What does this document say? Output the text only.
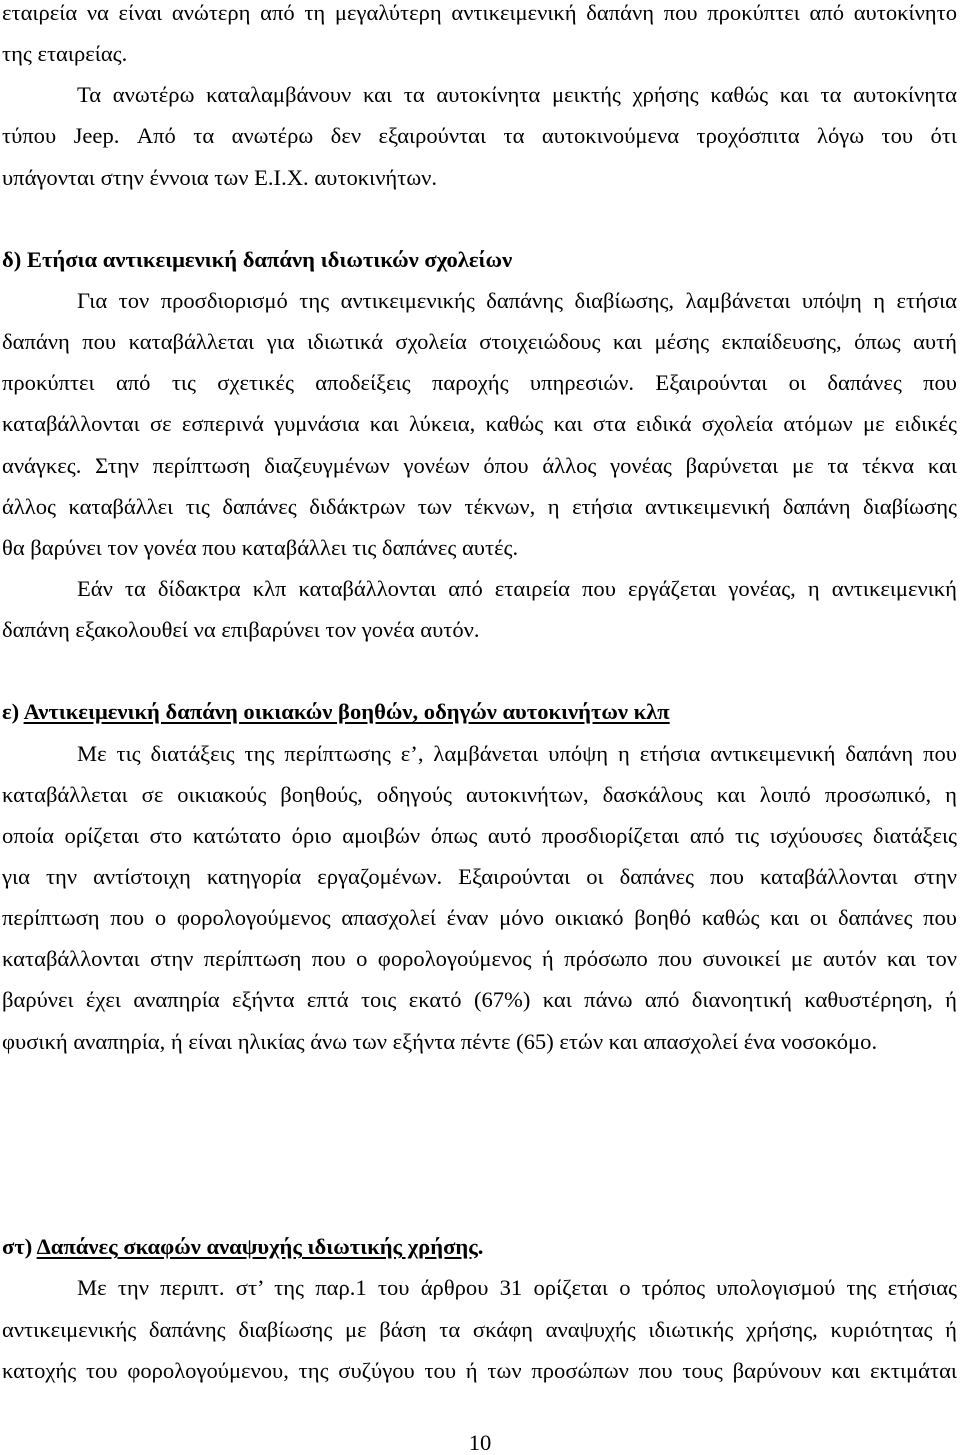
εταιρεία να είναι ανώτερη από τη μεγαλύτερη αντικειμενική δαπάνη που προκύπτει από αυτοκίνητο
της εταιρείας.
Τα ανωτέρω καταλαμβάνουν και τα αυτοκίνητα μεικτής χρήσης καθώς και τα αυτοκίνητα
τύπου Jeep. Από τα ανωτέρω δεν εξαιρούνται τα αυτοκινούμενα τροχόσπιτα λόγω του ότι
υπάγονται στην έννοια των Ε.Ι.Χ. αυτοκινήτων.
δ) Ετήσια αντικειμενική δαπάνη ιδιωτικών σχολείων
Για τον προσδιορισμό της αντικειμενικής δαπάνης διαβίωσης, λαμβάνεται υπόψη η ετήσια
δαπάνη που καταβάλλεται για ιδιωτικά σχολεία στοιχειώδους και μέσης εκπαίδευσης, όπως αυτή
προκύπτει από τις σχετικές αποδείξεις παροχής υπηρεσιών. Εξαιρούνται οι δαπάνες που
καταβάλλονται σε εσπερινά γυμνάσια και λύκεια, καθώς και στα ειδικά σχολεία ατόμων με ειδικές
ανάγκες. Στην περίπτωση διαζευγμένων γονέων όπου άλλος γονέας βαρύνεται με τα τέκνα και
άλλος καταβάλλει τις δαπάνες διδάκτρων των τέκνων, η ετήσια αντικειμενική δαπάνη διαβίωσης
θα βαρύνει τον γονέα που καταβάλλει τις δαπάνες αυτές.
Εάν τα δίδακτρα κλπ καταβάλλονται από εταιρεία που εργάζεται γονέας, η αντικειμενική
δαπάνη εξακολουθεί να επιβαρύνει τον γονέα αυτόν.
ε) Αντικειμενική δαπάνη οικιακών βοηθών, οδηγών αυτοκινήτων κλπ
Με τις διατάξεις της περίπτωσης ε’, λαμβάνεται υπόψη η ετήσια αντικειμενική δαπάνη που
καταβάλλεται σε οικιακούς βοηθούς, οδηγούς αυτοκινήτων, δασκάλους και λοιπό προσωπικό, η
οποία ορίζεται στο κατώτατο όριο αμοιβών όπως αυτό προσδιορίζεται από τις ισχύουσες διατάξεις
για την αντίστοιχη κατηγορία εργαζομένων. Εξαιρούνται οι δαπάνες που καταβάλλονται στην
περίπτωση που ο φορολογούμενος απασχολεί έναν μόνο οικιακό βοηθό καθώς και οι δαπάνες που
καταβάλλονται στην περίπτωση που ο φορολογούμενος ή πρόσωπο που συνοικεί με αυτόν και τον
βαρύνει έχει αναπηρία εξήντα επτά τοις εκατό (67%) και πάνω από διανοητική καθυστέρηση, ή
φυσική αναπηρία, ή είναι ηλικίας άνω των εξήντα πέντε (65) ετών και απασχολεί ένα νοσοκόμο.
στ) Δαπάνες σκαφών αναψυχής ιδιωτικής χρήσης.
Με την περιπτ. στ’ της παρ.1 του άρθρου 31 ορίζεται ο τρόπος υπολογισμού της ετήσιας
αντικειμενικής δαπάνης διαβίωσης με βάση τα σκάφη αναψυχής ιδιωτικής χρήσης, κυριότητας ή
κατοχής του φορολογούμενου, της συζύγου του ή των προσώπων που τους βαρύνουν και εκτιμάται
10
